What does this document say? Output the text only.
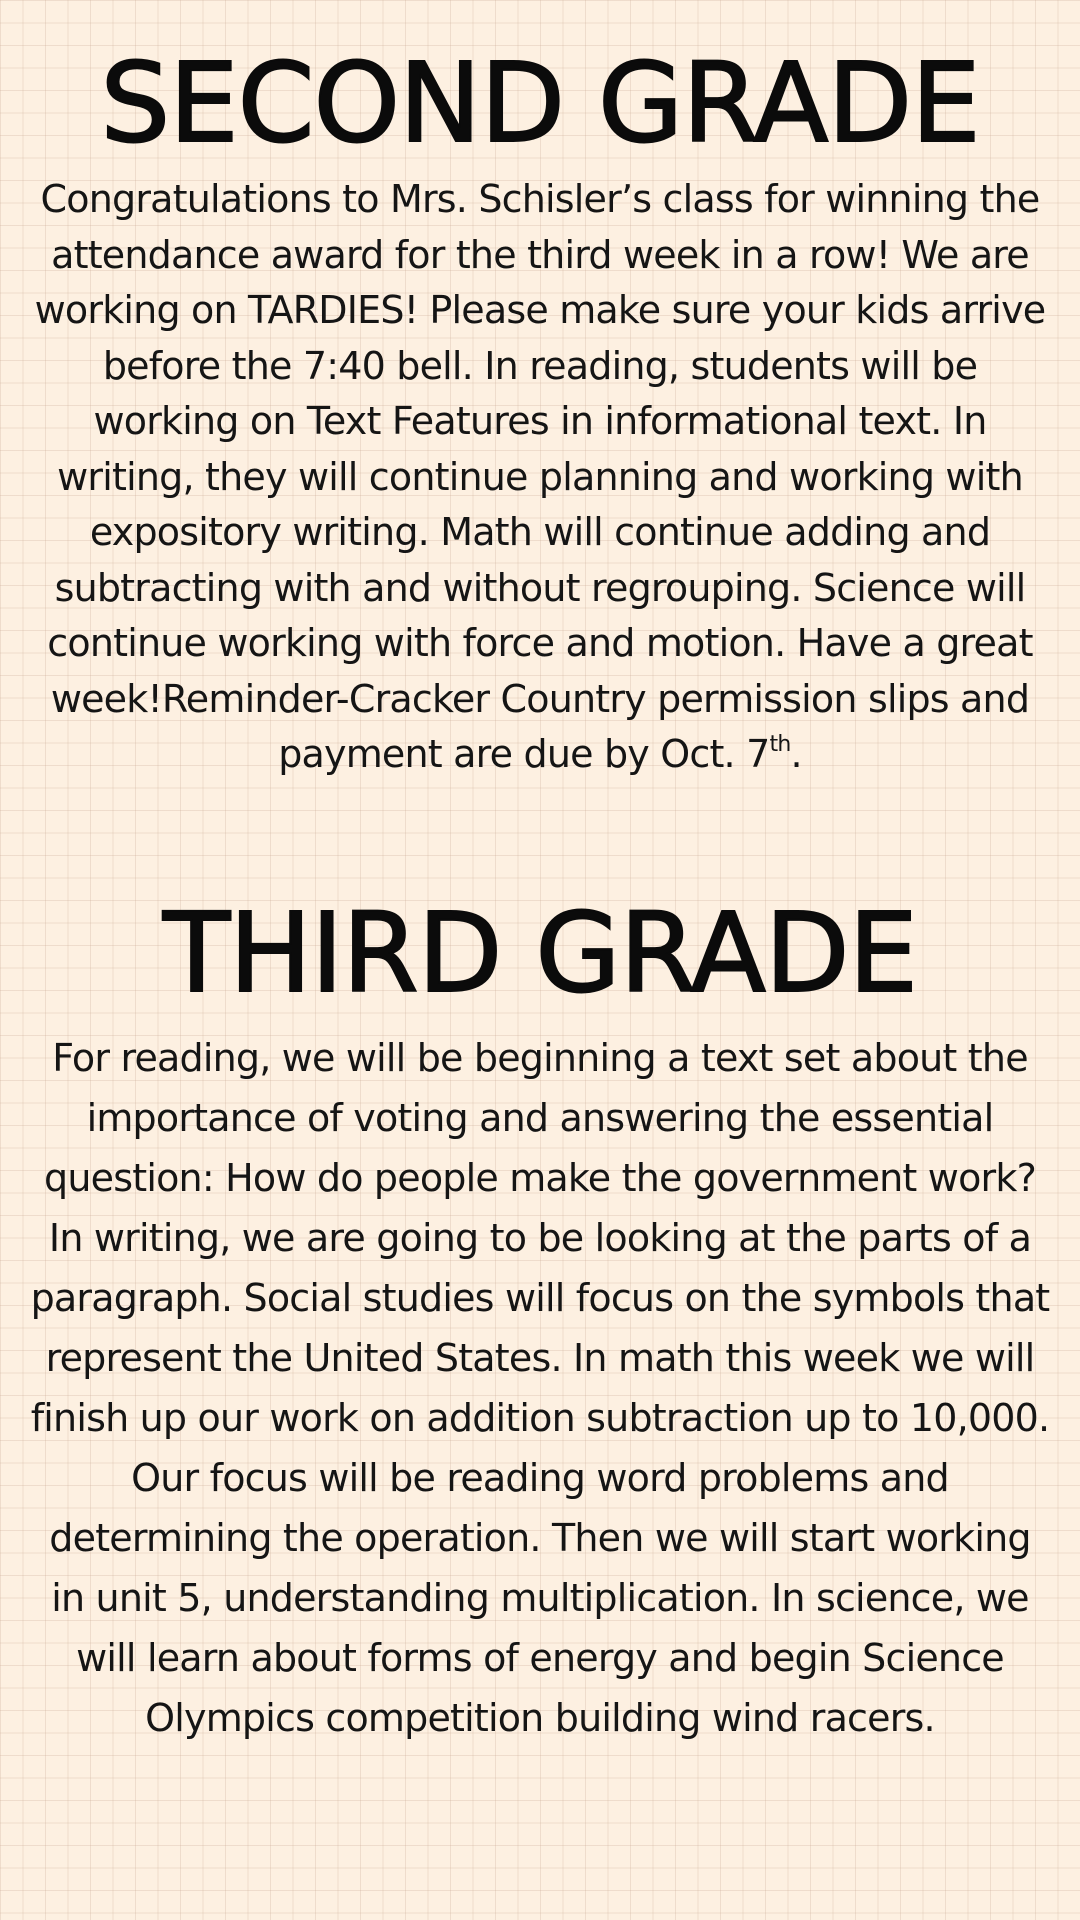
SECOND GRADE

Congratulations to Mrs. Schisler’s class for winning the attendance award for the third week in a row! We are working on TARDIES! Please make sure your kids arrive before the 7:40 bell. In reading, students will be working on Text Features in informational text. In writing, they will continue planning and working with expository writing. Math will continue adding and subtracting with and without regrouping. Science will continue working with force and motion. Have a great week!Reminder-Cracker Country permission slips and payment are due by Oct. 7th.

THIRD GRADE

For reading, we will be beginning a text set about the importance of voting and answering the essential question: How do people make the government work? In writing, we are going to be looking at the parts of a paragraph. Social studies will focus on the symbols that represent the United States. In math this week we will finish up our work on addition subtraction up to 10,000. Our focus will be reading word problems and determining the operation. Then we will start working in unit 5, understanding multiplication. In science, we will learn about forms of energy and begin Science Olympics competition building wind racers.
